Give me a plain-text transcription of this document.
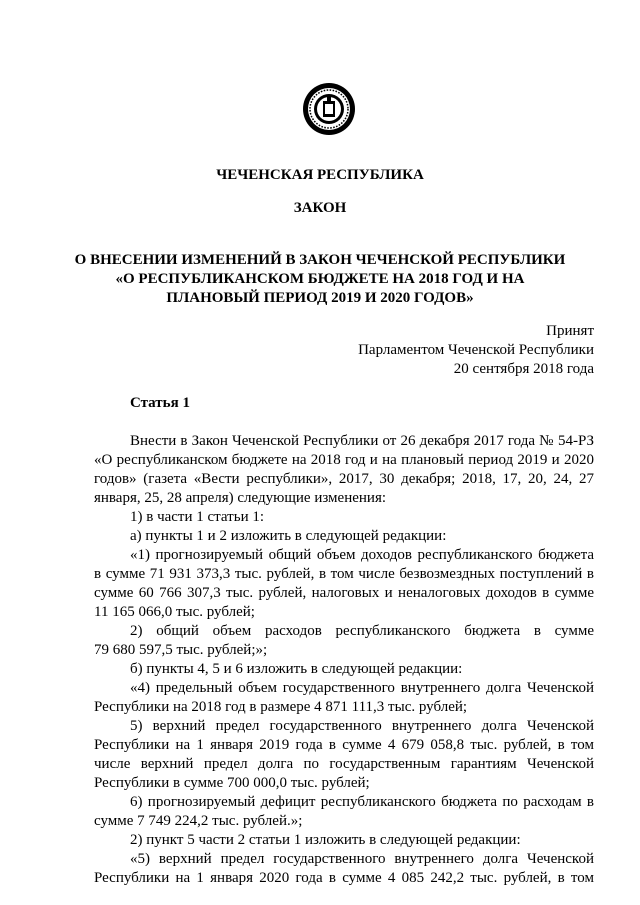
ЧЕЧЕНСКАЯ РЕСПУБЛИКА
ЗАКОН
О ВНЕСЕНИИ ИЗМЕНЕНИЙ В ЗАКОН ЧЕЧЕНСКОЙ РЕСПУБЛИКИ
«О РЕСПУБЛИКАНСКОМ БЮДЖЕТЕ НА 2018 ГОД И НА
ПЛАНОВЫЙ ПЕРИОД 2019 И 2020 ГОДОВ»
Принят
Парламентом Чеченской Республики
20 сентября 2018 года
Статья 1
Внести в Закон Чеченской Республики от 26 декабря 2017 года № 54-РЗ
«О республиканском бюджете на 2018 год и на плановый период 2019 и 2020
годов» (газета «Вести республики», 2017, 30 декабря; 2018, 17, 20, 24, 27
января, 25, 28 апреля) следующие изменения:
1) в части 1 статьи 1:
а) пункты 1 и 2 изложить в следующей редакции:
«1) прогнозируемый общий объем доходов республиканского бюджета
в сумме 71 931 373,3 тыс. рублей, в том числе безвозмездных поступлений в
сумме 60 766 307,3 тыс. рублей, налоговых и неналоговых доходов в сумме
11 165 066,0 тыс. рублей;
2) общий объем расходов республиканского бюджета в сумме
79 680 597,5 тыс. рублей;»;
б) пункты 4, 5 и 6 изложить в следующей редакции:
«4) предельный объем государственного внутреннего долга Чеченской
Республики на 2018 год в размере 4 871 111,3 тыс. рублей;
5) верхний предел государственного внутреннего долга Чеченской
Республики на 1 января 2019 года в сумме 4 679 058,8 тыс. рублей, в том
числе верхний предел долга по государственным гарантиям Чеченской
Республики в сумме 700 000,0 тыс. рублей;
6) прогнозируемый дефицит республиканского бюджета по расходам в
сумме 7 749 224,2 тыс. рублей.»;
2) пункт 5 части 2 статьи 1 изложить в следующей редакции:
«5) верхний предел государственного внутреннего долга Чеченской
Республики на 1 января 2020 года в сумме 4 085 242,2 тыс. рублей, в том
